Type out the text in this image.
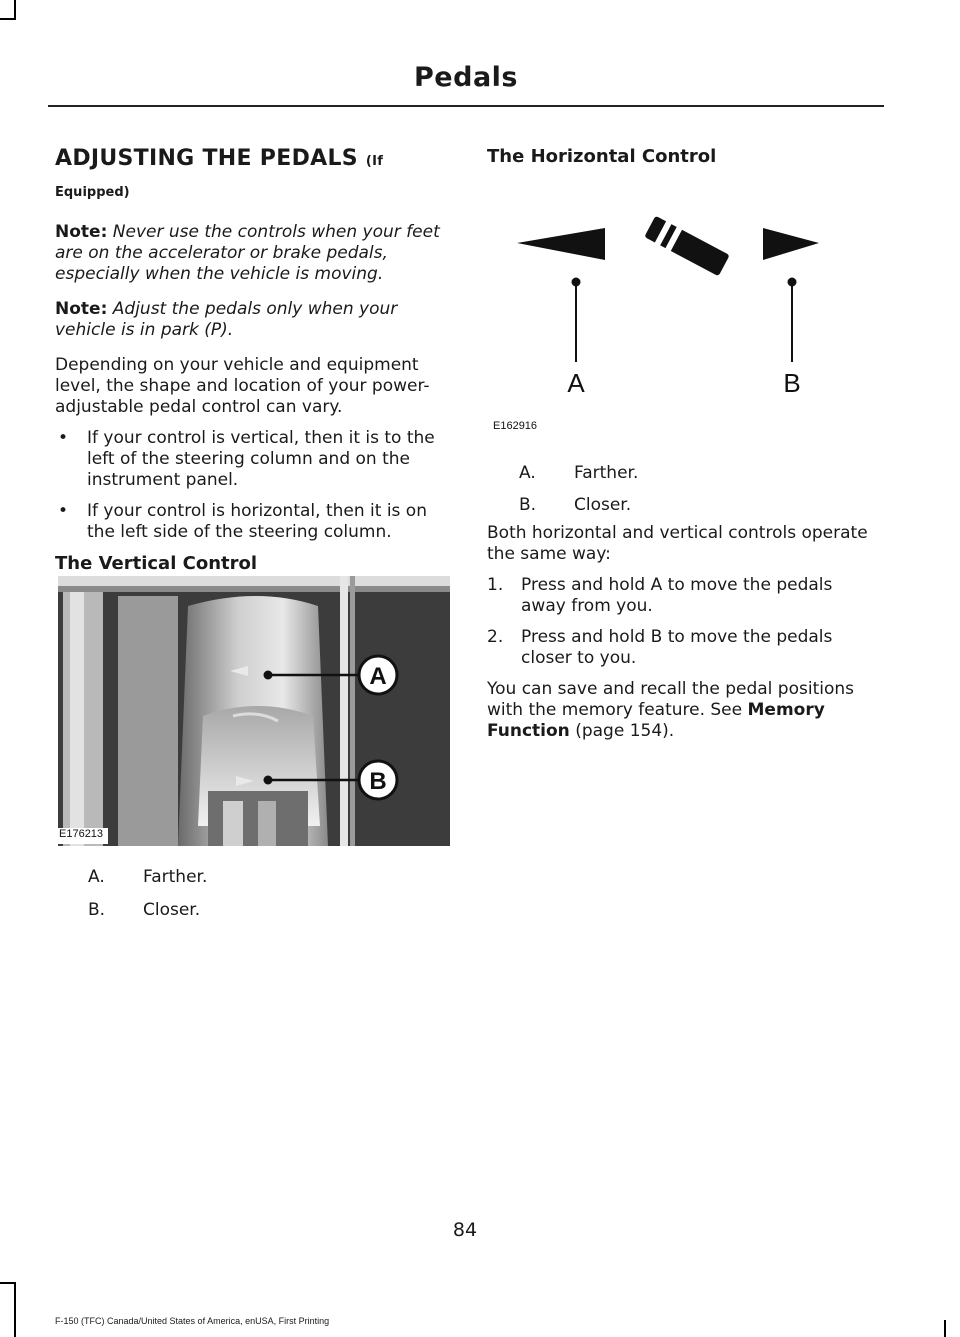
Pedals
ADJUSTING THE PEDALS (If
Equipped)

Note: Never use the controls when your feet are on the accelerator or brake pedals, especially when the vehicle is moving.

Note: Adjust the pedals only when your vehicle is in park (P).

Depending on your vehicle and equipment level, the shape and location of your power-adjustable pedal control can vary.

• If your control is vertical, then it is to the left of the steering column and on the instrument panel.
• If your control is horizontal, then it is on the left side of the steering column.
The Vertical Control
A
B
E176213
A. Farther.
B. Closer.
The Horizontal Control
A	B
E162916
A. Farther.
B. Closer.

Both horizontal and vertical controls operate the same way:

1. Press and hold A to move the pedals away from you.
2. Press and hold B to move the pedals closer to you.

You can save and recall the pedal positions with the memory feature. See Memory Function (page 154).

84
F-150 (TFC) Canada/United States of America, enUSA, First Printing
